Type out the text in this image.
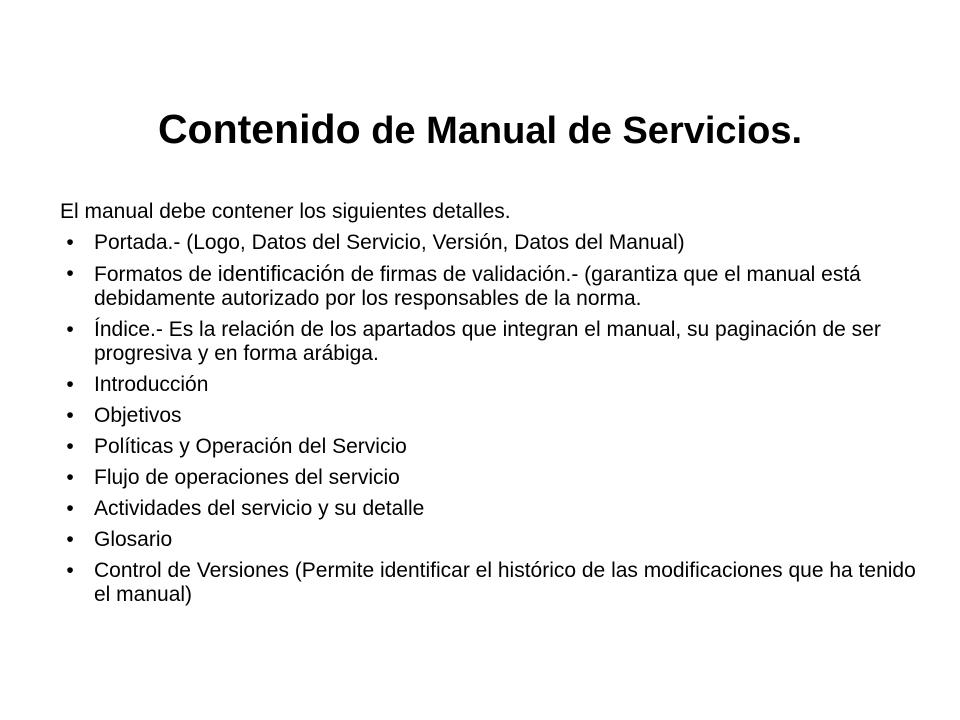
Contenido de Manual de Servicios.

El manual debe contener los siguientes detalles.

• Portada.- (Logo, Datos del Servicio, Versión, Datos del Manual)
• Formatos de identificación de firmas de validación.- (garantiza que el manual está debidamente autorizado por los responsables de la norma.
• Índice.- Es la relación de los apartados que integran el manual, su paginación de ser progresiva y en forma arábiga.
• Introducción
• Objetivos
• Políticas y Operación del Servicio
• Flujo de operaciones del servicio
• Actividades del servicio y su detalle
• Glosario
• Control de Versiones (Permite identificar el histórico de las modificaciones que ha tenido el manual)
